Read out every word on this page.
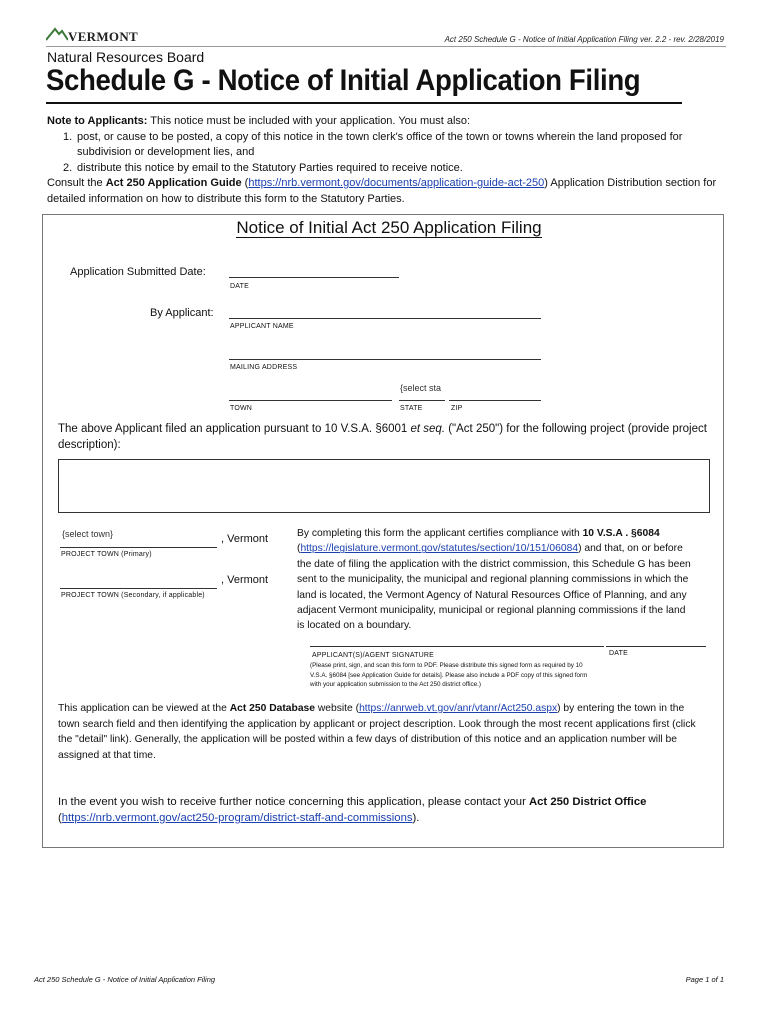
VERMONT	Act 250 Schedule G - Notice of Initial Application Filing ver. 2.2 - rev. 2/28/2019
Natural Resources Board
Schedule G - Notice of Initial Application Filing
Note to Applicants: This notice must be included with your application. You must also:
1. post, or cause to be posted, a copy of this notice in the town clerk's office of the town or towns wherein the land proposed for subdivision or development lies, and
2. distribute this notice by email to the Statutory Parties required to receive notice.
Consult the Act 250 Application Guide (https://nrb.vermont.gov/documents/application-guide-act-250) Application Distribution section for detailed information on how to distribute this form to the Statutory Parties.
Notice of Initial Act 250 Application Filing
Application Submitted Date:
DATE
By Applicant:
APPLICANT NAME
MAILING ADDRESS
{select sta
TOWN	STATE	ZIP
The above Applicant filed an application pursuant to 10 V.S.A. §6001 et seq. ("Act 250") for the following project (provide project description):
{select town}	, Vermont
PROJECT TOWN (Primary)
, Vermont
PROJECT TOWN (Secondary, if applicable)
By completing this form the applicant certifies compliance with 10 V.S.A . §6084 (https://legislature.vermont.gov/statutes/section/10/151/06084) and that, on or before the date of filing the application with the district commission, this Schedule G has been sent to the municipality, the municipal and regional planning commissions in which the land is located, the Vermont Agency of Natural Resources Office of Planning, and any adjacent Vermont municipality, municipal or regional planning commissions if the land is located on a boundary.
APPLICANT(S)/AGENT SIGNATURE	DATE
(Please print, sign, and scan this form to PDF. Please distribute this signed form as required by 10 V.S.A. §6084 [see Application Guide for details]. Please also include a PDF copy of this signed form with your application submission to the Act 250 district office.)
This application can be viewed at the Act 250 Database website (https://anrweb.vt.gov/anr/vtanr/Act250.aspx) by entering the town in the town search field and then identifying the application by applicant or project description. Look through the most recent applications first (click the "detail" link). Generally, the application will be posted within a few days of distribution of this notice and an application number will be assigned at that time.
In the event you wish to receive further notice concerning this application, please contact your Act 250 District Office
(https://nrb.vermont.gov/act250-program/district-staff-and-commissions).
Act 250 Schedule G - Notice of Initial Application Filing	Page 1 of 1
